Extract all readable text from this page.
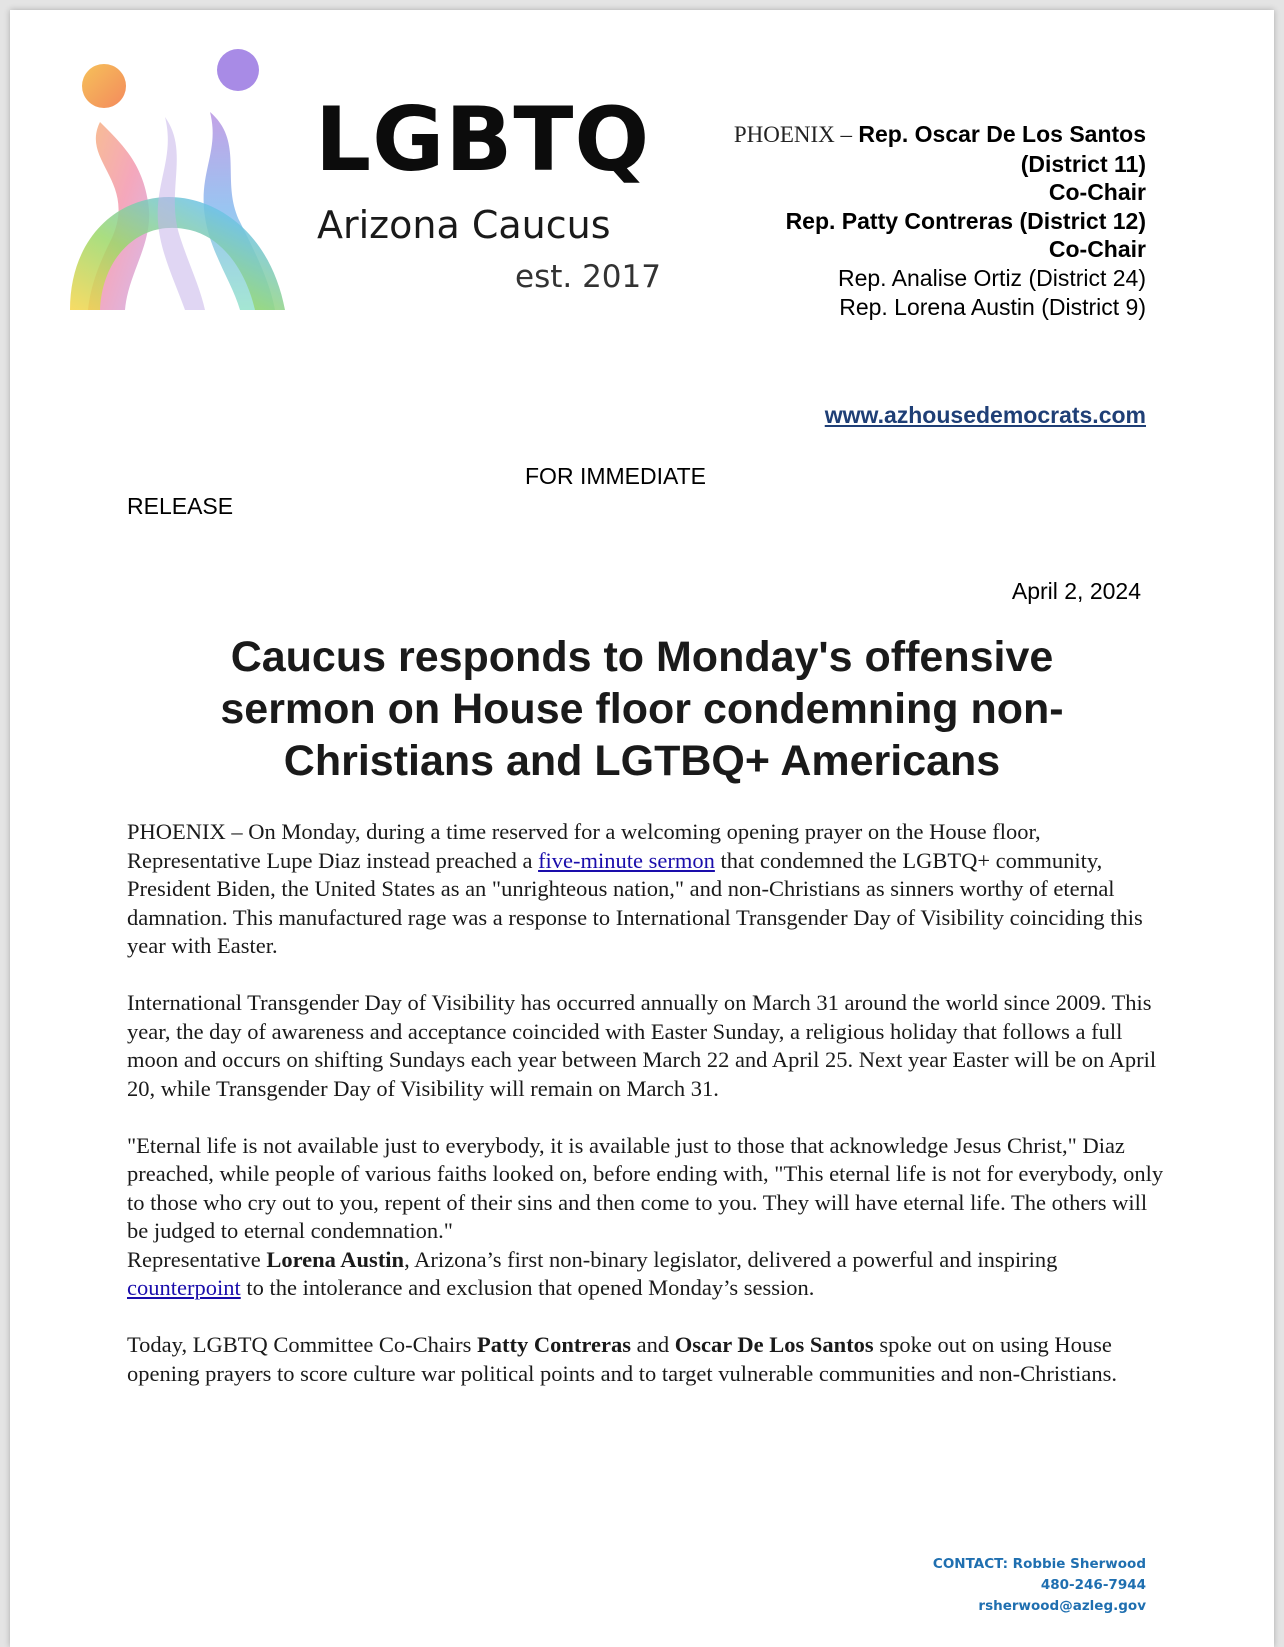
LGBTQ
Arizona Caucus
est. 2017
PHOENIX – Rep. Oscar De Los Santos
(District 11)
Co-Chair
Rep. Patty Contreras (District 12)
Co-Chair
Rep. Analise Ortiz (District 24)
Rep. Lorena Austin (District 9)
www.azhousedemocrats.com
FOR IMMEDIATE
RELEASE
April 2, 2024
Caucus responds to Monday's offensive
sermon on House floor condemning non-
Christians and LGTBQ+ Americans

PHOENIX – On Monday, during a time reserved for a welcoming opening prayer on the House floor, Representative Lupe Diaz instead preached a five-minute sermon that condemned the LGBTQ+ community, President Biden, the United States as an "unrighteous nation," and non-Christians as sinners worthy of eternal damnation. This manufactured rage was a response to International Transgender Day of Visibility coinciding this year with Easter.

International Transgender Day of Visibility has occurred annually on March 31 around the world since 2009. This year, the day of awareness and acceptance coincided with Easter Sunday, a religious holiday that follows a full moon and occurs on shifting Sundays each year between March 22 and April 25. Next year Easter will be on April 20, while Transgender Day of Visibility will remain on March 31.

"Eternal life is not available just to everybody, it is available just to those that acknowledge Jesus Christ," Diaz preached, while people of various faiths looked on, before ending with, "This eternal life is not for everybody, only to those who cry out to you, repent of their sins and then come to you. They will have eternal life. The others will be judged to eternal condemnation."

Representative Lorena Austin, Arizona’s first non-binary legislator, delivered a powerful and inspiring counterpoint to the intolerance and exclusion that opened Monday’s session.

Today, LGBTQ Committee Co-Chairs Patty Contreras and Oscar De Los Santos spoke out on using House opening prayers to score culture war political points and to target vulnerable communities and non-Christians.

CONTACT: Robbie Sherwood
480-246-7944
rsherwood@azleg.gov
